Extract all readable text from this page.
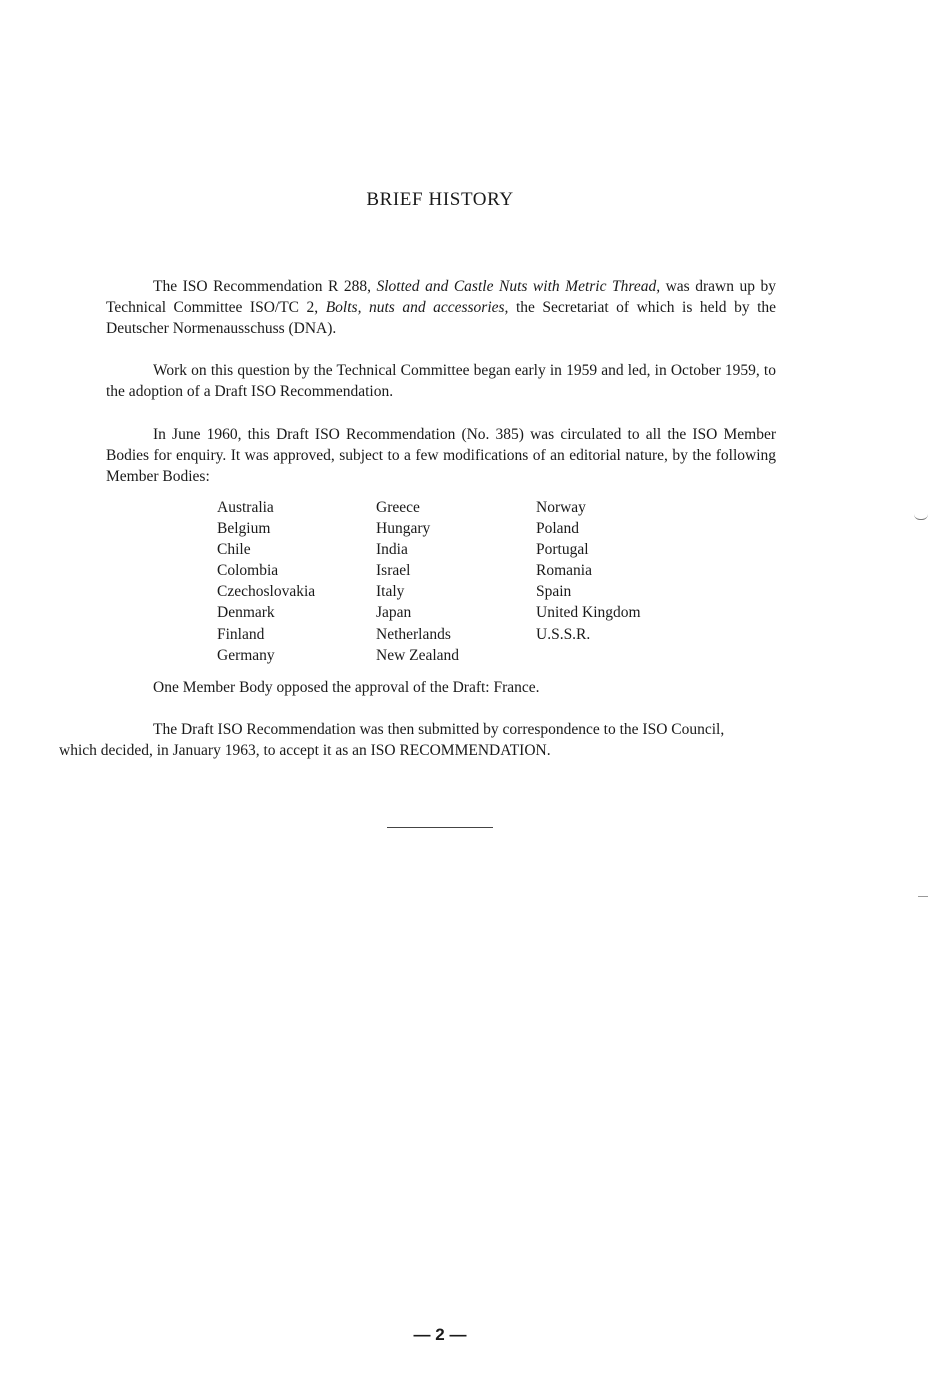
BRIEF HISTORY
The ISO Recommendation R 288, Slotted and Castle Nuts with Metric Thread, was drawn up by Technical Committee ISO/TC 2, Bolts, nuts and accessories, the Secretariat of which is held by the Deutscher Normenausschuss (DNA).
Work on this question by the Technical Committee began early in 1959 and led, in October 1959, to the adoption of a Draft ISO Recommendation.
In June 1960, this Draft ISO Recommendation (No. 385) was circulated to all the ISO Member Bodies for enquiry. It was approved, subject to a few modifications of an editorial nature, by the following Member Bodies:
Australia
Belgium
Chile
Colombia
Czechoslovakia
Denmark
Finland
Germany
Greece
Hungary
India
Israel
Italy
Japan
Netherlands
New Zealand
Norway
Poland
Portugal
Romania
Spain
United Kingdom
U.S.S.R.
One Member Body opposed the approval of the Draft: France.
The Draft ISO Recommendation was then submitted by correspondence to the ISO Council,
which decided, in January 1963, to accept it as an ISO RECOMMENDATION.
— 2 —
